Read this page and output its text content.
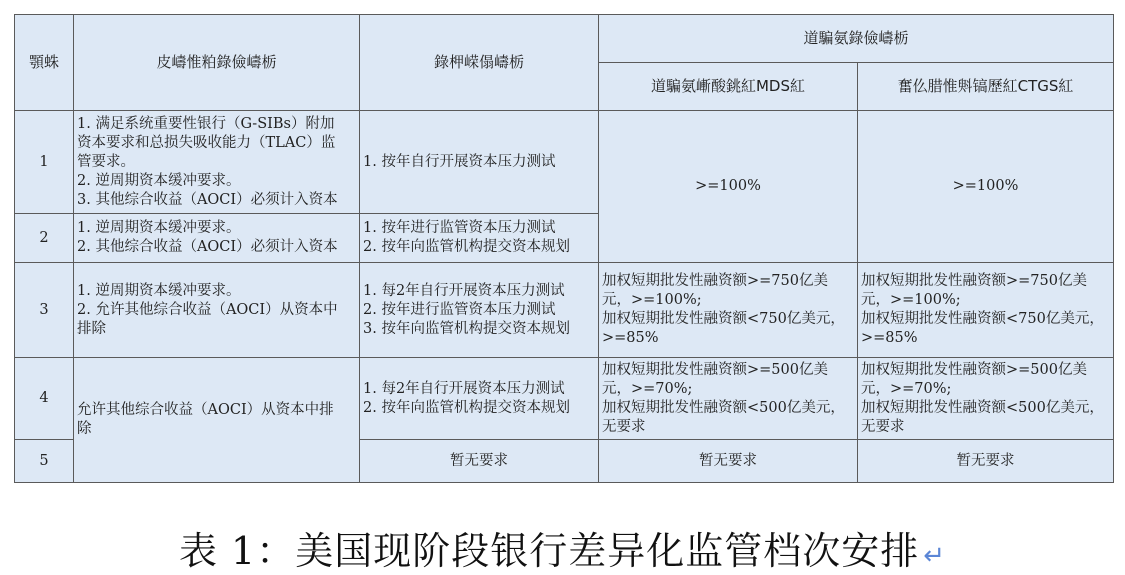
顎蛛	皮嶹惟粕錄儉嶹栃	錄柙嵘傝嶹栃	道騙氨錄儉嶹栃	
			道騙氨嶃酸銚紅MDS紅	奮仫腊惟斞镐歷紅CTGS紅
1	1. 满足系统重要性银行（G-SIBs）附加
资本要求和总损失吸收能力（TLAC）监
管要求。
2. 逆周期资本缓冲要求。
3. 其他综合收益（AOCI）必须计入资本	1. 按年自行开展资本压力测试	>=100%	>=100%
2	1. 逆周期资本缓冲要求。
2. 其他综合收益（AOCI）必须计入资本	1. 按年进行监管资本压力测试
2. 按年向监管机构提交资本规划		

3	1. 逆周期资本缓冲要求。
2. 允许其他综合收益（AOCI）从资本中
排除	1. 每2年自行开展资本压力测试
2. 按年进行监管资本压力测试
3. 按年向监管机构提交资本规划	加权短期批发性融资额>=750亿美
元，>=100%;
加权短期批发性融资额<750亿美元，
>=85%	加权短期批发性融资额>=750亿美
元，>=100%;
加权短期批发性融资额<750亿美元，
>=85%

4	允许其他综合收益（AOCI）从资本中排
除	1. 每2年自行开展资本压力测试
2. 按年向监管机构提交资本规划	加权短期批发性融资额>=500亿美
元，>=70%;
加权短期批发性融资额<500亿美元，
无要求	加权短期批发性融资额>=500亿美
元，>=70%;
加权短期批发性融资额<500亿美元，
无要求

5		暂无要求	暂无要求	暂无要求
表 1：美国现阶段银行差异化监管档次安排 ↵
